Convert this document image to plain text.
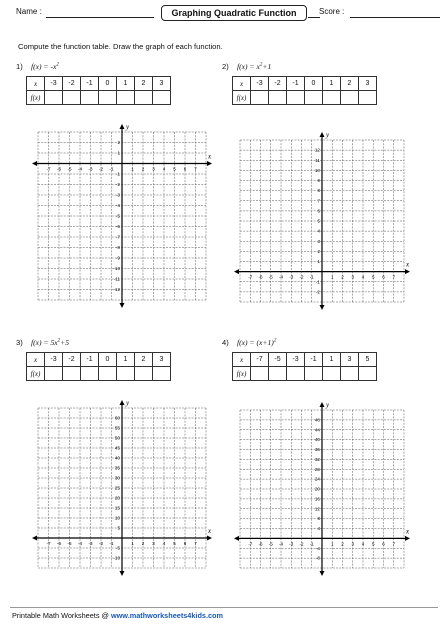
Name :	Graphing Quadratic Function	Score :
Compute the function table. Draw the graph of each function.
1) $f(x) = -x^2$
x	-3	-2	-1	0	1	2	3
f(x)							
2) $f(x) = x^2+1$
x	-3	-2	-1	0	1	2	3
f(x)							
3) $f(x) = 5x^2+5$
x	-3	-2	-1	0	1	2	3
f(x)							
4) $f(x) = (x+1)^2$
x	-7	-5	-3	-1	1	3	5
f(x)							
Printable Math Worksheets @ www.mathworksheets4kids.com
x
y
-7 -6 -5 -4 -3 -2 -1	1 2 3 4 5 6 7
2
1
-1
-2
-3
-4
-5
-6
-7
-8
-9
-10
-11
-12
x
y
-7 -6 -5 -4 -3 -2 -1	1 2 3 4 5 6 7
12
11
10
9
8
7
6
5
4
3
2
1
-1
-2
x
y
-7 -6 -5 -4 -3 -2 -1	1 2 3 4 5 6 7
60
55
50
45
40
35
30
25
20
15
10
5
-5
-10
x
y
-7 -6 -5 -4 -3 -2 -1	1 2 3 4 5 6 7
48
44
40
36
32
28
24
20
16
12
8
4
-4
-8
